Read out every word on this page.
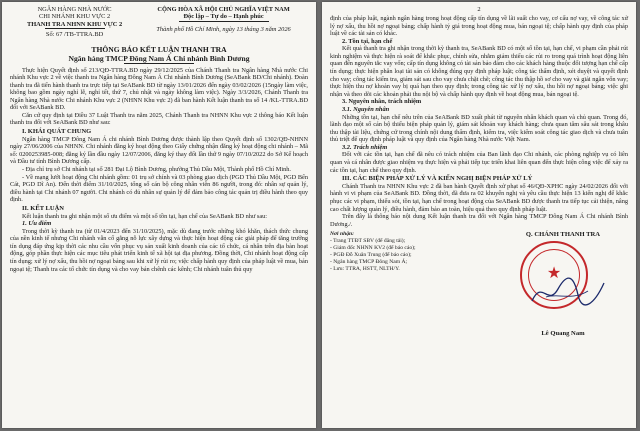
NGÂN HÀNG NHÀ NƯỚC
CHI NHÁNH KHU VỰC 2
THANH TRA NHNN KHU VỰC 2
Số: 67 /TB-TTRA.BD
CỘNG HÒA XÃ HỘI CHỦ NGHĨA VIỆT NAM
Độc lập – Tự do – Hạnh phúc
Thành phố Hồ Chí Minh, ngày 13 tháng 3 năm 2026
THÔNG BÁO KẾT LUẬN THANH TRA
Ngân hàng TMCP Đông Nam Á Chi nhánh Bình Dương

Thực hiện Quyết định số 213/QĐ-TTRA.BD ngày 29/12/2025 của Chánh Thanh tra Ngân hàng Nhà nước Chi nhánh Khu vực 2 về việc thanh tra Ngân hàng Đông Nam Á Chi nhánh Bình Dương (SeABank BD/Chi nhánh). Đoàn thanh tra đã tiến hành thanh tra trực tiếp tại SeABank BD từ ngày 13/01/2026 đến ngày 03/02/2026 (15ngày làm việc, không bao gồm ngày nghỉ lễ, nghỉ tết, thứ 7, chủ nhật và ngày không làm việc). Ngày 3/3/2026, Chánh Thanh tra Ngân hàng Nhà nước Chi nhánh Khu vực 2 (NHNN Khu vực 2) đã ban hành Kết luận thanh tra số 14 /KL-TTRA.BD đối với SeABank BD.

Căn cứ quy định tại Điều 37 Luật Thanh tra năm 2025, Chánh Thanh tra NHNN Khu vực 2 thông báo Kết luận thanh tra đối với SeABank BD như sau:

I. KHÁI QUÁT CHUNG

Ngân hàng TMCP Đông Nam Á chi nhánh Bình Dương được thành lập theo Quyết định số 1302/QĐ-NHNN ngày 27/06/2006 của NHNN. Chi nhánh đăng ký hoạt động theo Giấy chứng nhận đăng ký hoạt động chi nhánh – Mã số: 0200253985-008; đăng ký lần đầu ngày 12/07/2006, đăng ký thay đổi lần thứ 9 ngày 07/10/2022 do Sở Kế hoạch và Đầu tư tỉnh Bình Dương cấp.

- Địa chỉ trụ sở Chi nhánh tại số 281 Đại Lộ Bình Dương, phường Thủ Dầu Một, Thành phố Hồ Chí Minh.

- Về mạng lưới hoạt động Chi nhánh gồm: 01 trụ sở chính và 03 phòng giao dịch (PGD Thủ Dầu Một, PGD Bến Cát, PGD Dĩ An). Đến thời điểm 31/10/2025, tổng số cán bộ công nhân viên 86 người, trong đó: nhân sự quản lý, điều hành tại Chi nhánh 07 người. Chi nhánh có đủ nhân sự quản lý để đảm bảo công tác quản trị điều hành theo quy định.

II. KẾT LUẬN

Kết luận thanh tra ghi nhận một số ưu điểm và một số tồn tại, hạn chế của SeABank BD như sau:

1. Ưu điểm

Trong thời kỳ thanh tra (từ 01/4/2023 đến 31/10/2025), mặc dù đang trước những khó khăn, thách thức chung của nền kinh tế nhưng Chi nhánh vẫn cố gắng nỗ lực xây dựng và thực hiện hoạt động các giải pháp để tăng trưởng tín dụng đáp ứng kịp thời các nhu cầu vốn phục vụ sản xuất kinh doanh của các tổ chức, cá nhân trên địa bàn hoạt động, góp phần thực hiện các mục tiêu phát triển kinh tế xã hội tại địa phương. Đồng thời, Chi nhánh hoạt động cấp tín dụng; xử lý nợ xấu, thu hồi nợ ngoại bảng sau khi xử lý rủi ro; việc chấp hành quy định của pháp luật về mua, bán ngoại tệ; Thanh tra các tổ chức tín dụng và cho vay bán chênh các kênh; Chi nhánh tuân thủ quy

2

định của pháp luật, ngành ngân hàng trong hoạt động cấp tín dụng về lãi suất cho vay, cơ cấu nợ vay, về công tác xử lý nợ xấu, thu hồi nợ ngoại bảng; chấp hành tỷ giá trong hoạt động mua, bán ngoại tệ; chấp hành quy định của pháp luật về các tài sản có khác.

2. Tồn tại, hạn chế

Kết quả thanh tra ghi nhận trong thời kỳ thanh tra, SeABank BD có một số tồn tại, hạn chế, vi phạm cần phải rút kinh nghiệm và thực hiện rà soát để khắc phục, chỉnh sửa, nhằm giảm thiểu các rủi ro trong quá trình hoạt động liên quan đến nguyên tắc vay vốn; cấp tín dụng không có tài sản bảo đảm cho các khách hàng thuộc đối tượng hạn chế cấp tín dụng; thực hiện phân loại tài sản có không đúng quy định pháp luật; công tác thẩm định, xét duyệt và quyết định cho vay; công tác kiểm tra, giám sát sau cho vay chưa chặt chẽ; công tác thu thập hồ sơ cho vay và giải ngân vốn vay; thực hiện thu nợ khoản vay bị quá hạn theo quy định; trong công tác xử lý nợ xấu, thu hồi nợ ngoại bảng; việc ghi nhận và theo dõi các khoản phải thu nội bộ và chấp hành quy định về hoạt động mua, bán ngoại tệ.

3. Nguyên nhân, trách nhiệm
3.1. Nguyên nhân

Những tồn tại, hạn chế nêu trên của SeABank BD xuất phát từ nguyên nhân khách quan và chủ quan. Trong đó, lãnh đạo một số cán bộ thiếu biện pháp quản lý, giám sát khoản vay khách hàng; chưa quan tâm sâu sát trong khâu thu thập tài liệu, chứng cứ trong chính nội dung thẩm định, kiểm tra, việc kiểm soát công tác giao dịch và chưa tuân thủ triệt để quy định pháp luật và quy định của Ngân hàng Nhà nước Việt Nam.

3.2. Trách nhiệm

Đối với các tồn tại, hạn chế đã nêu có trách nhiệm của Ban lãnh đạo Chi nhánh, các phòng nghiệp vụ có liên quan và cá nhân được giao nhiệm vụ thực hiện và phải tiếp tục triển khai liên quan đến thực hiện công việc để xảy ra các tồn tại, hạn chế theo quy định.

III. CÁC BIỆN PHÁP XỬ LÝ VÀ KIẾN NGHỊ BIỆN PHÁP XỬ LÝ

Chánh Thanh tra NHNN Khu vực 2 đã ban hành Quyết định xử phạt số 46/QĐ-XPHC ngày 24/02/2026 đối với hành vi vi phạm của SeABank BD. Đồng thời, đã đưa ra 02 khuyến nghị và yêu cầu thực hiện 13 kiến nghị để khắc phục các vi phạm, thiếu sót, tồn tại, hạn chế trong hoạt động của SeABank BD được thanh tra tiếp tục cải thiện, nâng cao chất lượng quản lý, điều hành, đảm bảo an toàn, hiệu quả theo quy định pháp luật.

Trên đây là thông báo nội dung Kết luận thanh tra đối với Ngân hàng TMCP Đông Nam Á Chi nhánh Bình Dương./.

Nơi nhận:
- Trang TTĐT SBV (để đăng tải);
- Giám đốc NHNN KV2 (để báo cáo);
- PGĐ Đỗ Xuân Trung (để báo cáo);
- Ngân hàng TMCP Đông Nam Á;
- Lưu: TTRA, HSTT, NLTH/Y.
Q. CHÁNH THANH TRA
★
Lê Quang Nam
